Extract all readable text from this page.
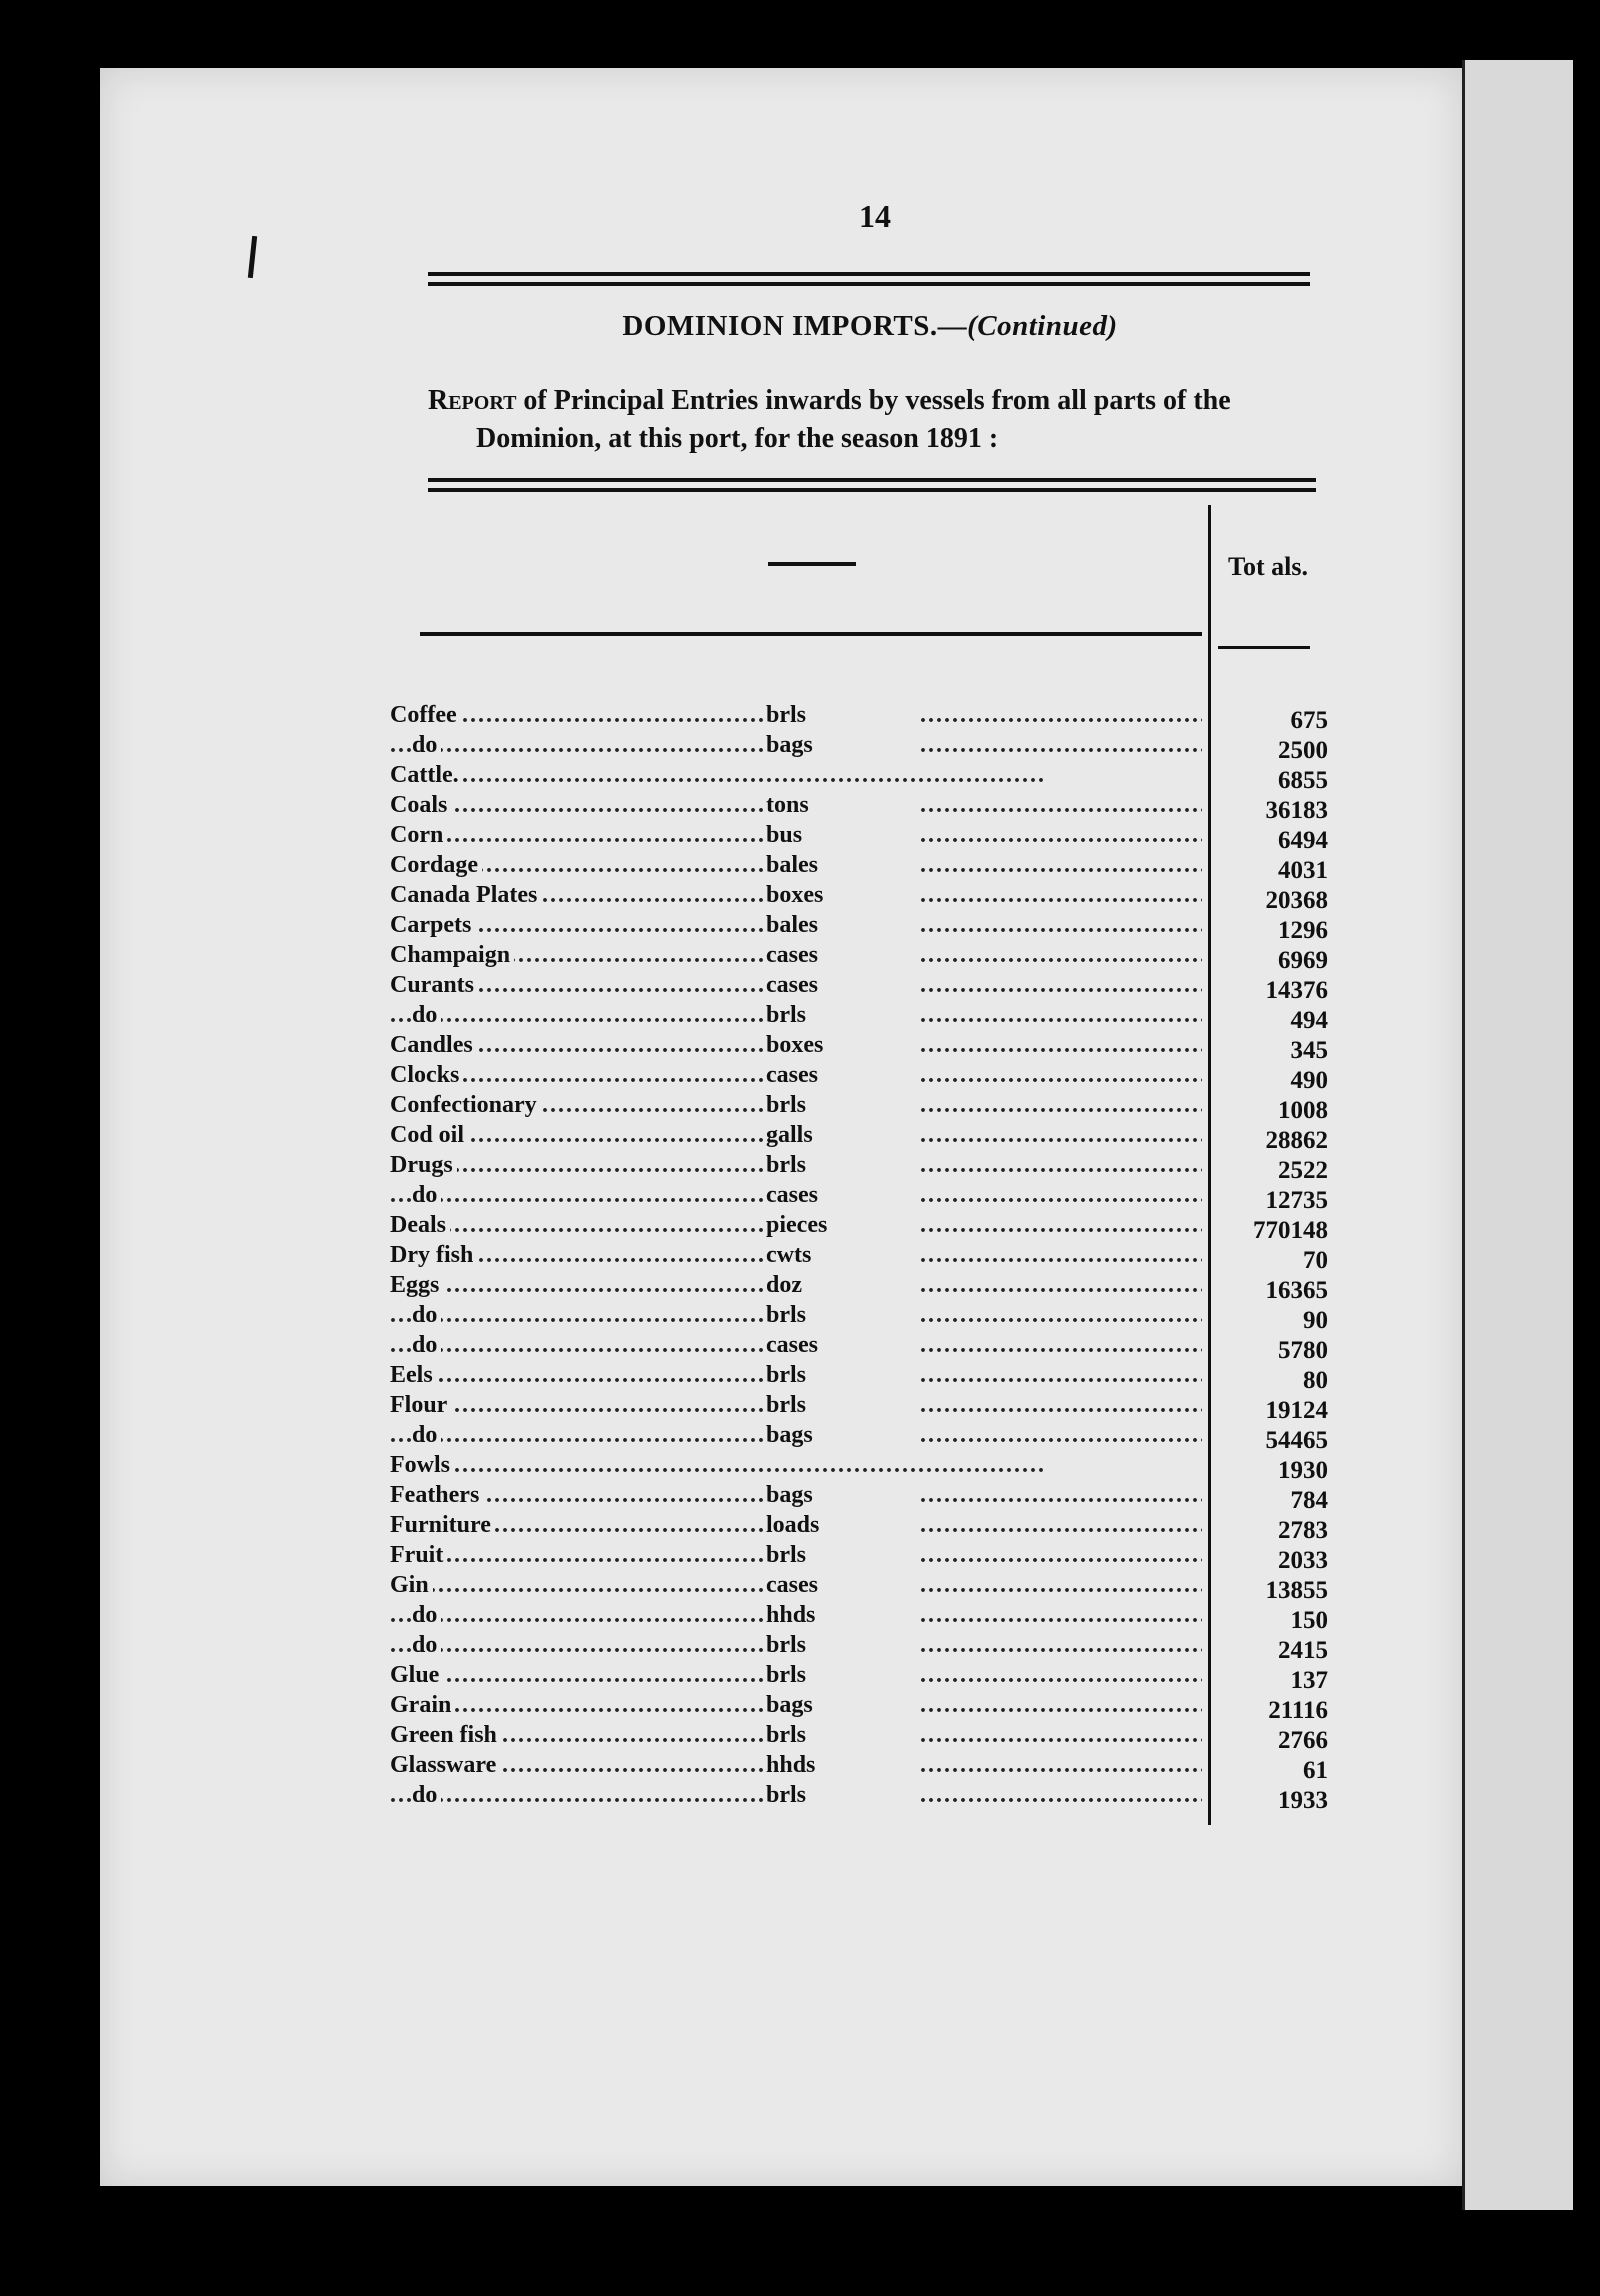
14
DOMINION IMPORTS.—(Continued)
Report of Principal Entries inwards by vessels from all parts of the
Dominion, at this port, for the season 1891 :
Tot als.
Coffee .....	brls .....	675
do .....	bags .....	2500
Cattle. .....	6855
Coals .....	tons .....	36183
Corn .....	bus .....	6494
Cordage .....	bales .....	4031
Canada Plates .....	boxes .....	20368
Carpets .....	bales .....	1296
Champaign .....	cases .....	6969
Curants .....	cases .....	14376
do .....	brls .....	494
Candles .....	boxes .....	345
Clocks .....	cases .....	490
Confectionary .....	brls .....	1008
Cod oil .....	galls .....	28862
Drugs .....	brls .....	2522
do .....	cases .....	12735
Deals .....	pieces .....	770148
Dry fish .....	cwts .....	70
Eggs .....	doz .....	16365
do .....	brls .....	90
do .....	cases .....	5780
Eels .....	brls .....	80
Flour .....	brls .....	19124
do .....	bags .....	54465
Fowls .....	1930
Feathers .....	bags .....	784
Furniture .....	loads .....	2783
Fruit .....	brls .....	2033
Gin .....	cases .....	13855
do .....	hhds .....	150
do .....	brls .....	2415
Glue .....	brls .....	137
Grain .....	bags .....	21116
Green fish .....	brls .....	2766
Glassware .....	hhds .....	61
do .....	brls .....	1933
